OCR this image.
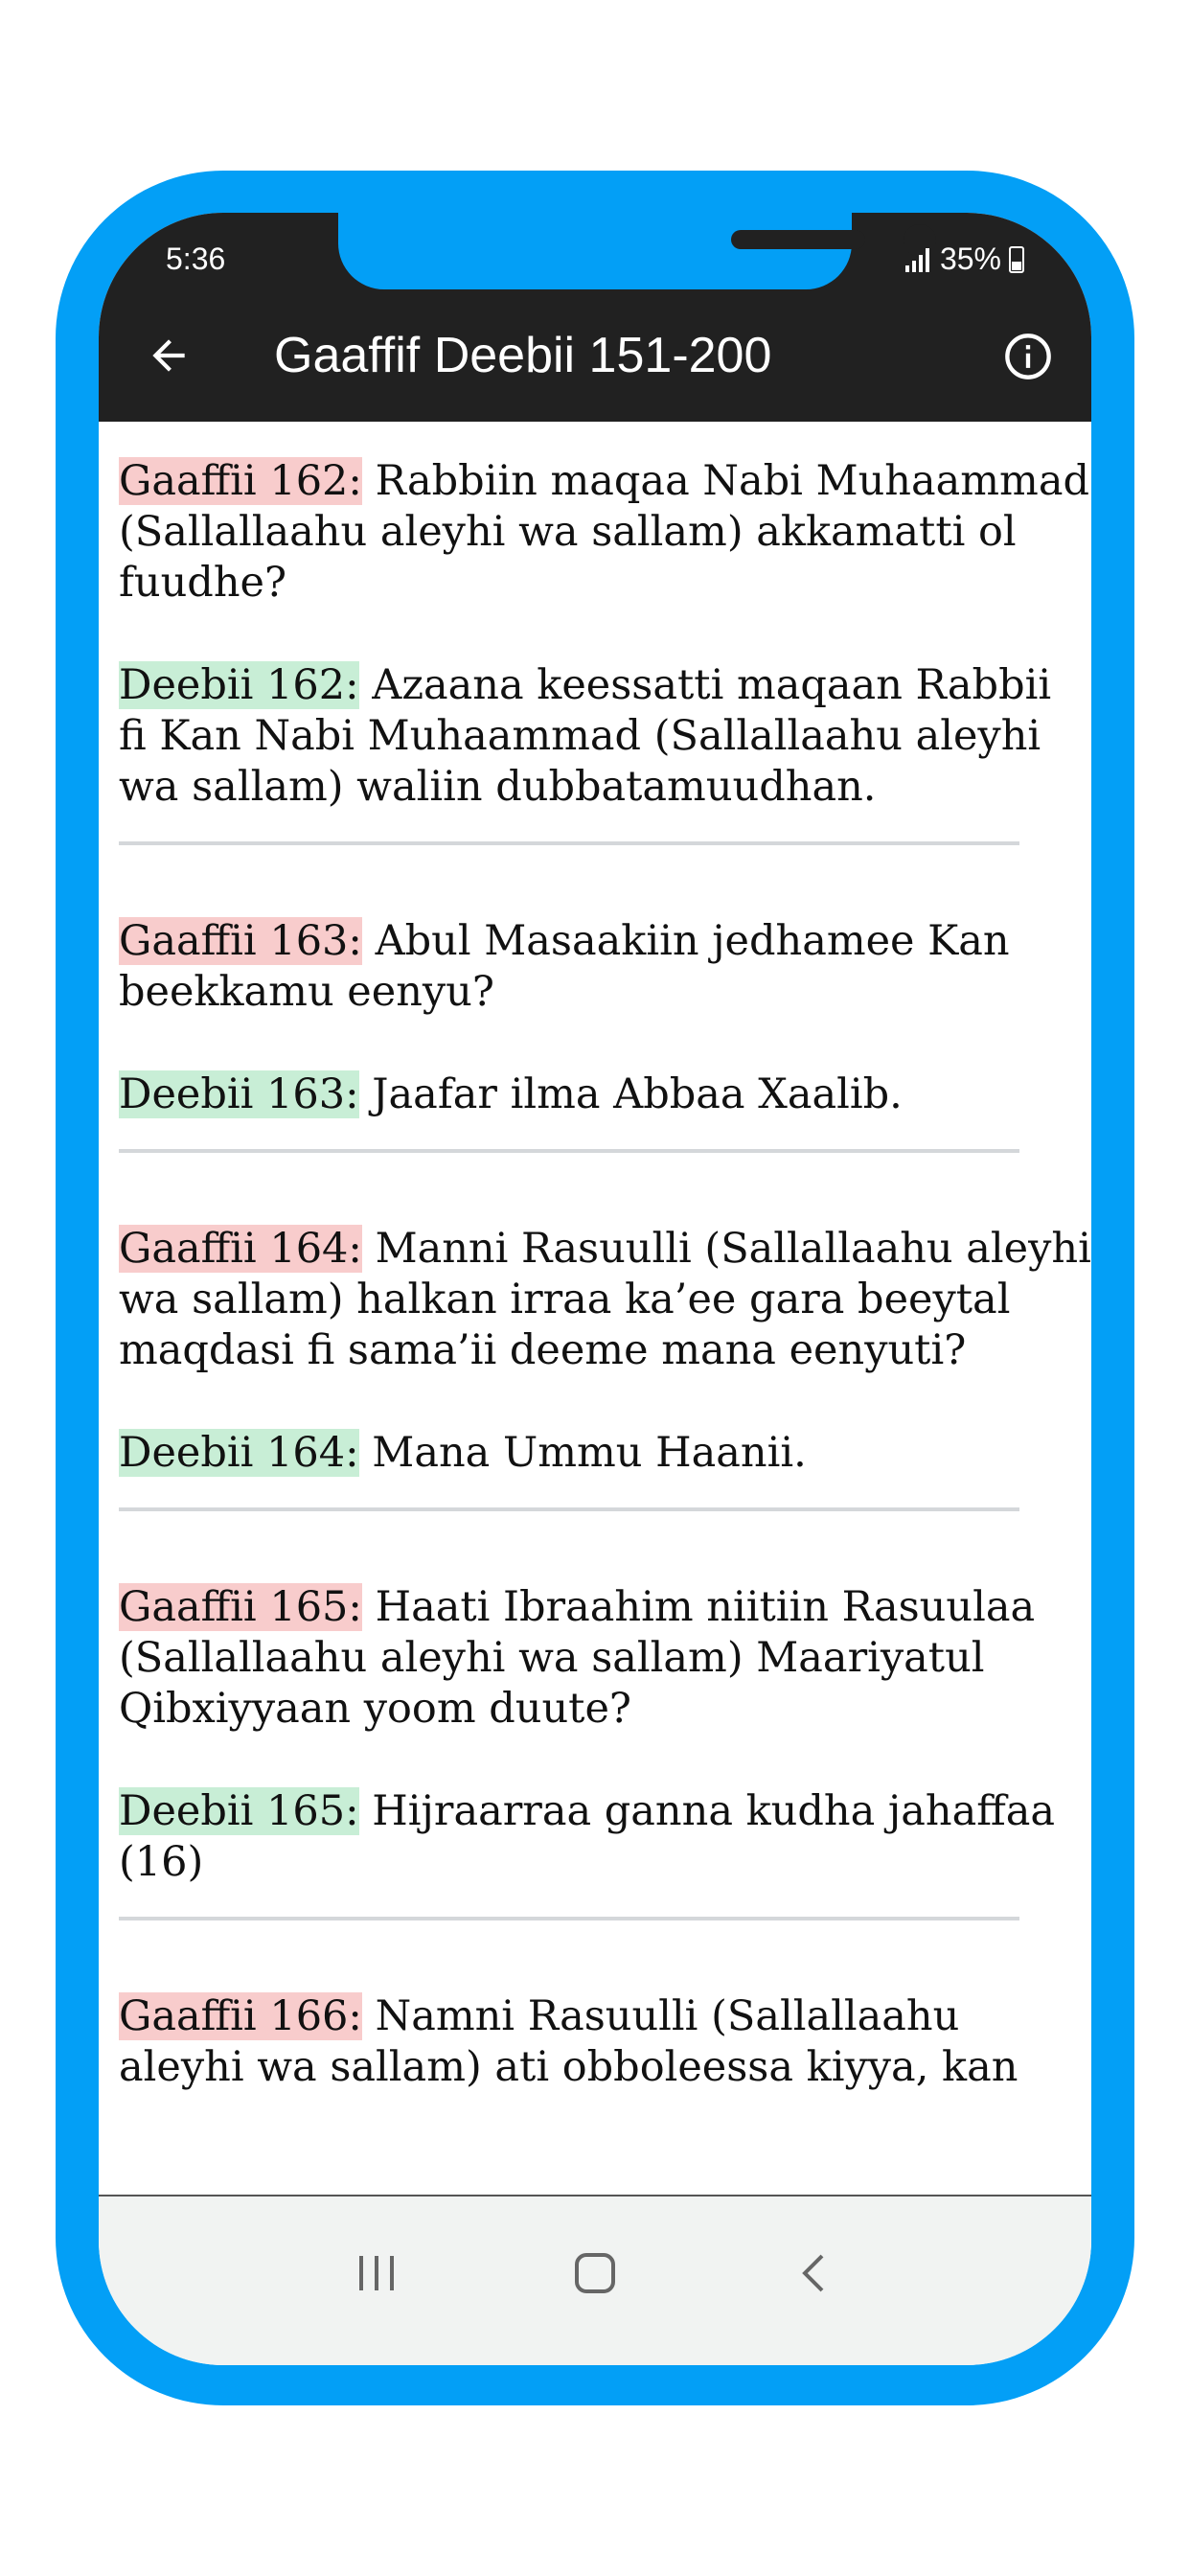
5:36	35%
Gaaffif Deebii 151-200

Gaaffii 162: Rabbiin maqaa Nabi Muhaammad (Sallallaahu aleyhi wa sallam) akkamatti ol fuudhe?

Deebii 162: Azaana keessatti maqaan Rabbii fi Kan Nabi Muhaammad (Sallallaahu aleyhi wa sallam) waliin dubbatamuudhan.

Gaaffii 163: Abul Masaakiin jedhamee Kan beekkamu eenyu?

Deebii 163: Jaafar ilma Abbaa Xaalib.

Gaaffii 164: Manni Rasuulli (Sallallaahu aleyhi wa sallam) halkan irraa ka’ee gara beeytal maqdasi fi sama’ii deeme mana eenyuti?

Deebii 164: Mana Ummu Haanii.

Gaaffii 165: Haati Ibraahim niitiin Rasuulaa (Sallallaahu aleyhi wa sallam) Maariyatul Qibxiyyaan yoom duute?

Deebii 165: Hijraarraa ganna kudha jahaffaa (16)

Gaaffii 166: Namni Rasuulli (Sallallaahu aleyhi wa sallam) ati obboleessa kiyya, kan
